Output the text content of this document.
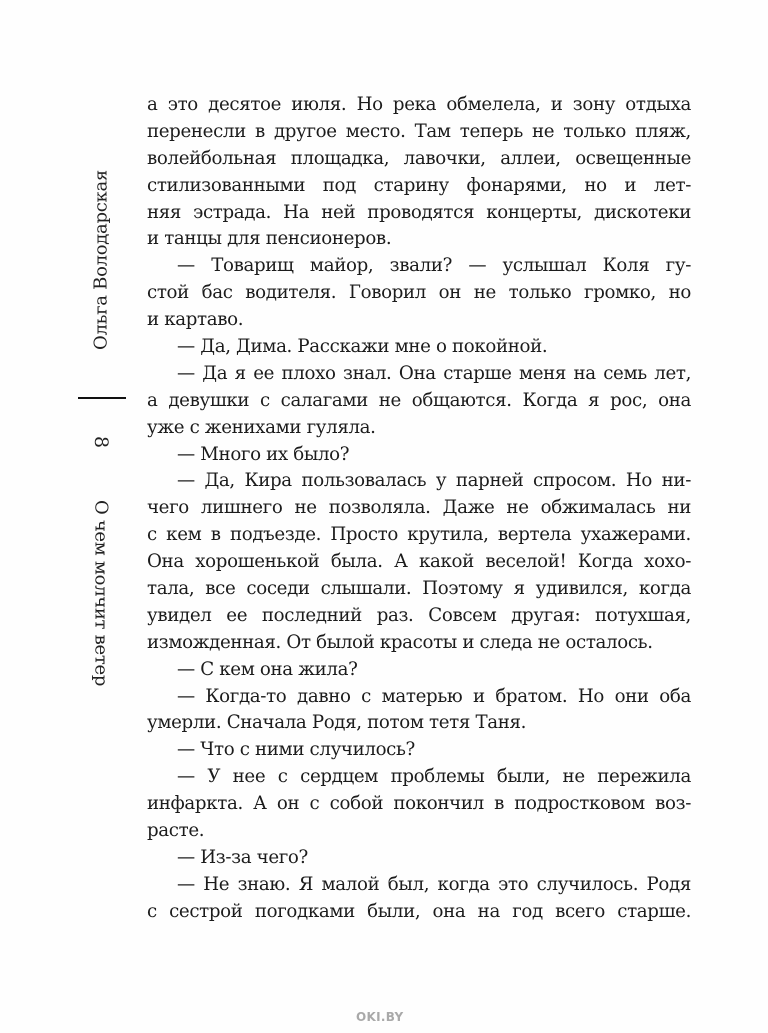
Ольга Володарская
8
О чем молчит ветер
а это десятое июля. Но река обмелела, и зону отдыха
перенесли в другое место. Там теперь не только пляж,
волейбольная площадка, лавочки, аллеи, освещенные
стилизованными под старину фонарями, но и лет-
няя эстрада. На ней проводятся концерты, дискотеки
и танцы для пенсионеров.
— Товарищ майор, звали? — услышал Коля гу-
стой бас водителя. Говорил он не только громко, но
и картаво.
— Да, Дима. Расскажи мне о покойной.
— Да я ее плохо знал. Она старше меня на семь лет,
а девушки с салагами не общаются. Когда я рос, она
уже с женихами гуляла.
— Много их было?
— Да, Кира пользовалась у парней спросом. Но ни-
чего лишнего не позволяла. Даже не обжималась ни
с кем в подъезде. Просто крутила, вертела ухажерами.
Она хорошенькой была. А какой веселой! Когда хохо-
тала, все соседи слышали. Поэтому я удивился, когда
увидел ее последний раз. Совсем другая: потухшая,
изможденная. От былой красоты и следа не осталось.
— С кем она жила?
— Когда-то давно с матерью и братом. Но они оба
умерли. Сначала Родя, потом тетя Таня.
— Что с ними случилось?
— У нее с сердцем проблемы были, не пережила
инфаркта. А он с собой покончил в подростковом воз-
расте.
— Из-за чего?
— Не знаю. Я малой был, когда это случилось. Родя
с сестрой погодками были, она на год всего старше.
OKI.BY
